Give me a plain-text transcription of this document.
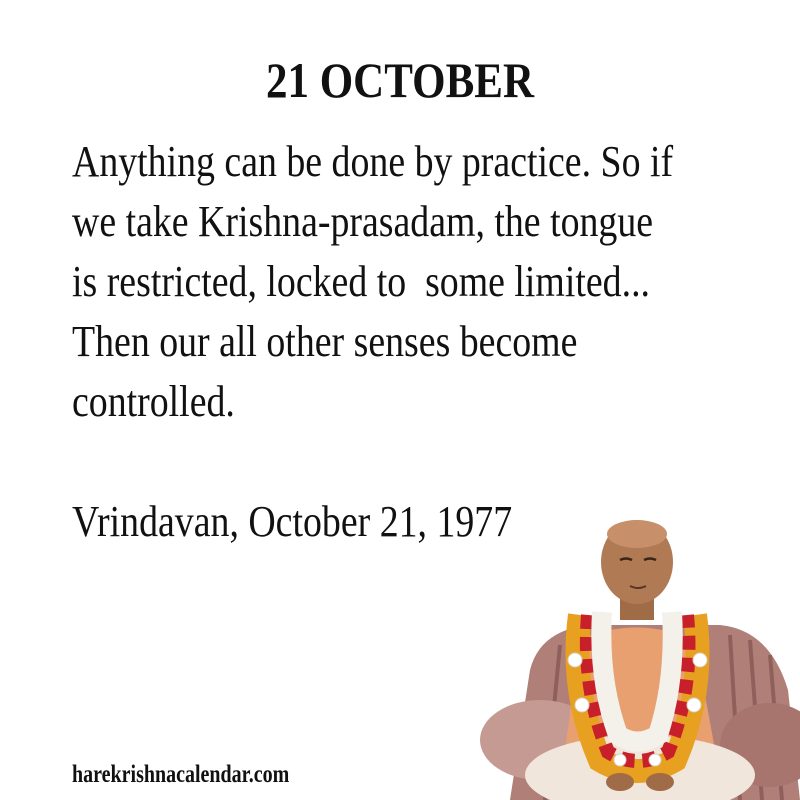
21 OCTOBER
Anything can be done by practice. So if
we take Krishna-prasadam, the tongue
is restricted, locked to  some limited...
Then our all other senses become
controlled.
Vrindavan, October 21, 1977
harekrishnacalendar.com
